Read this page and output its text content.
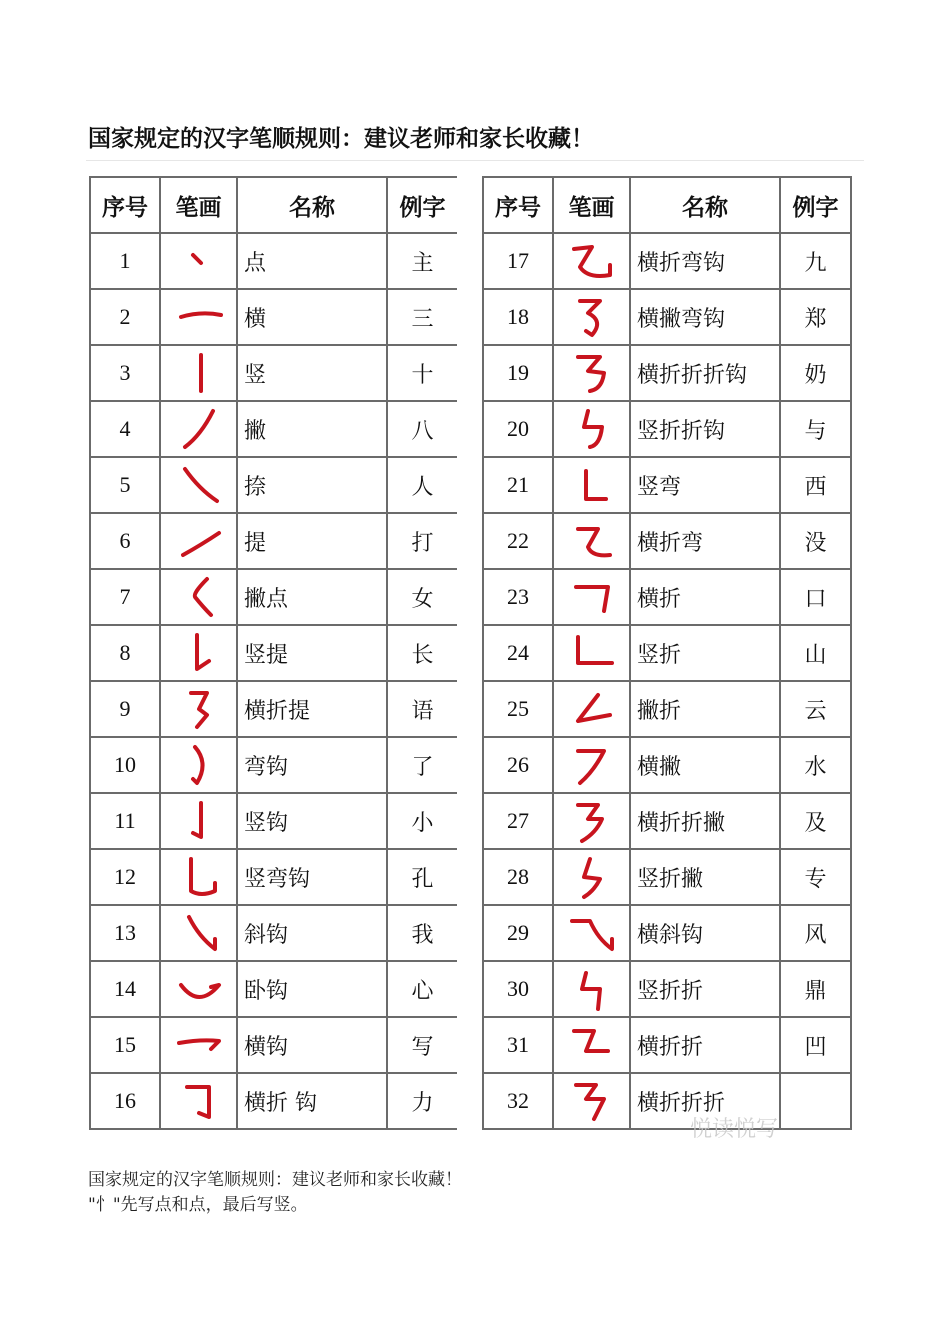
国家规定的汉字笔顺规则：建议老师和家长收藏！
序号	笔画	名称	例字
1		点	主
2		横	三
3		竖	十
4		撇	八
5		捺	人
6		提	打
7		撇点	女
8		竖提	长
9		横折提	语
10		弯钩	了
11		竖钩	小
12		竖弯钩	孔
13		斜钩	我
14		卧钩	心
15		横钩	写
16		横折 钩	力
序号	笔画	名称	例字
17		横折弯钩	九
18		横撇弯钩	郑
19		横折折折钩	奶
20		竖折折钩	与
21		竖弯	西
22		横折弯	没
23		横折	口
24		竖折	山
25		撇折	云
26		横撇	水
27		横折折撇	及
28		竖折撇	专
29		横斜钩	风
30		竖折折	鼎
31		横折折	凹
32		横折折折	
悦读悦写
国家规定的汉字笔顺规则：建议老师和家长收藏！
"忄"先写点和点，最后写竖。
